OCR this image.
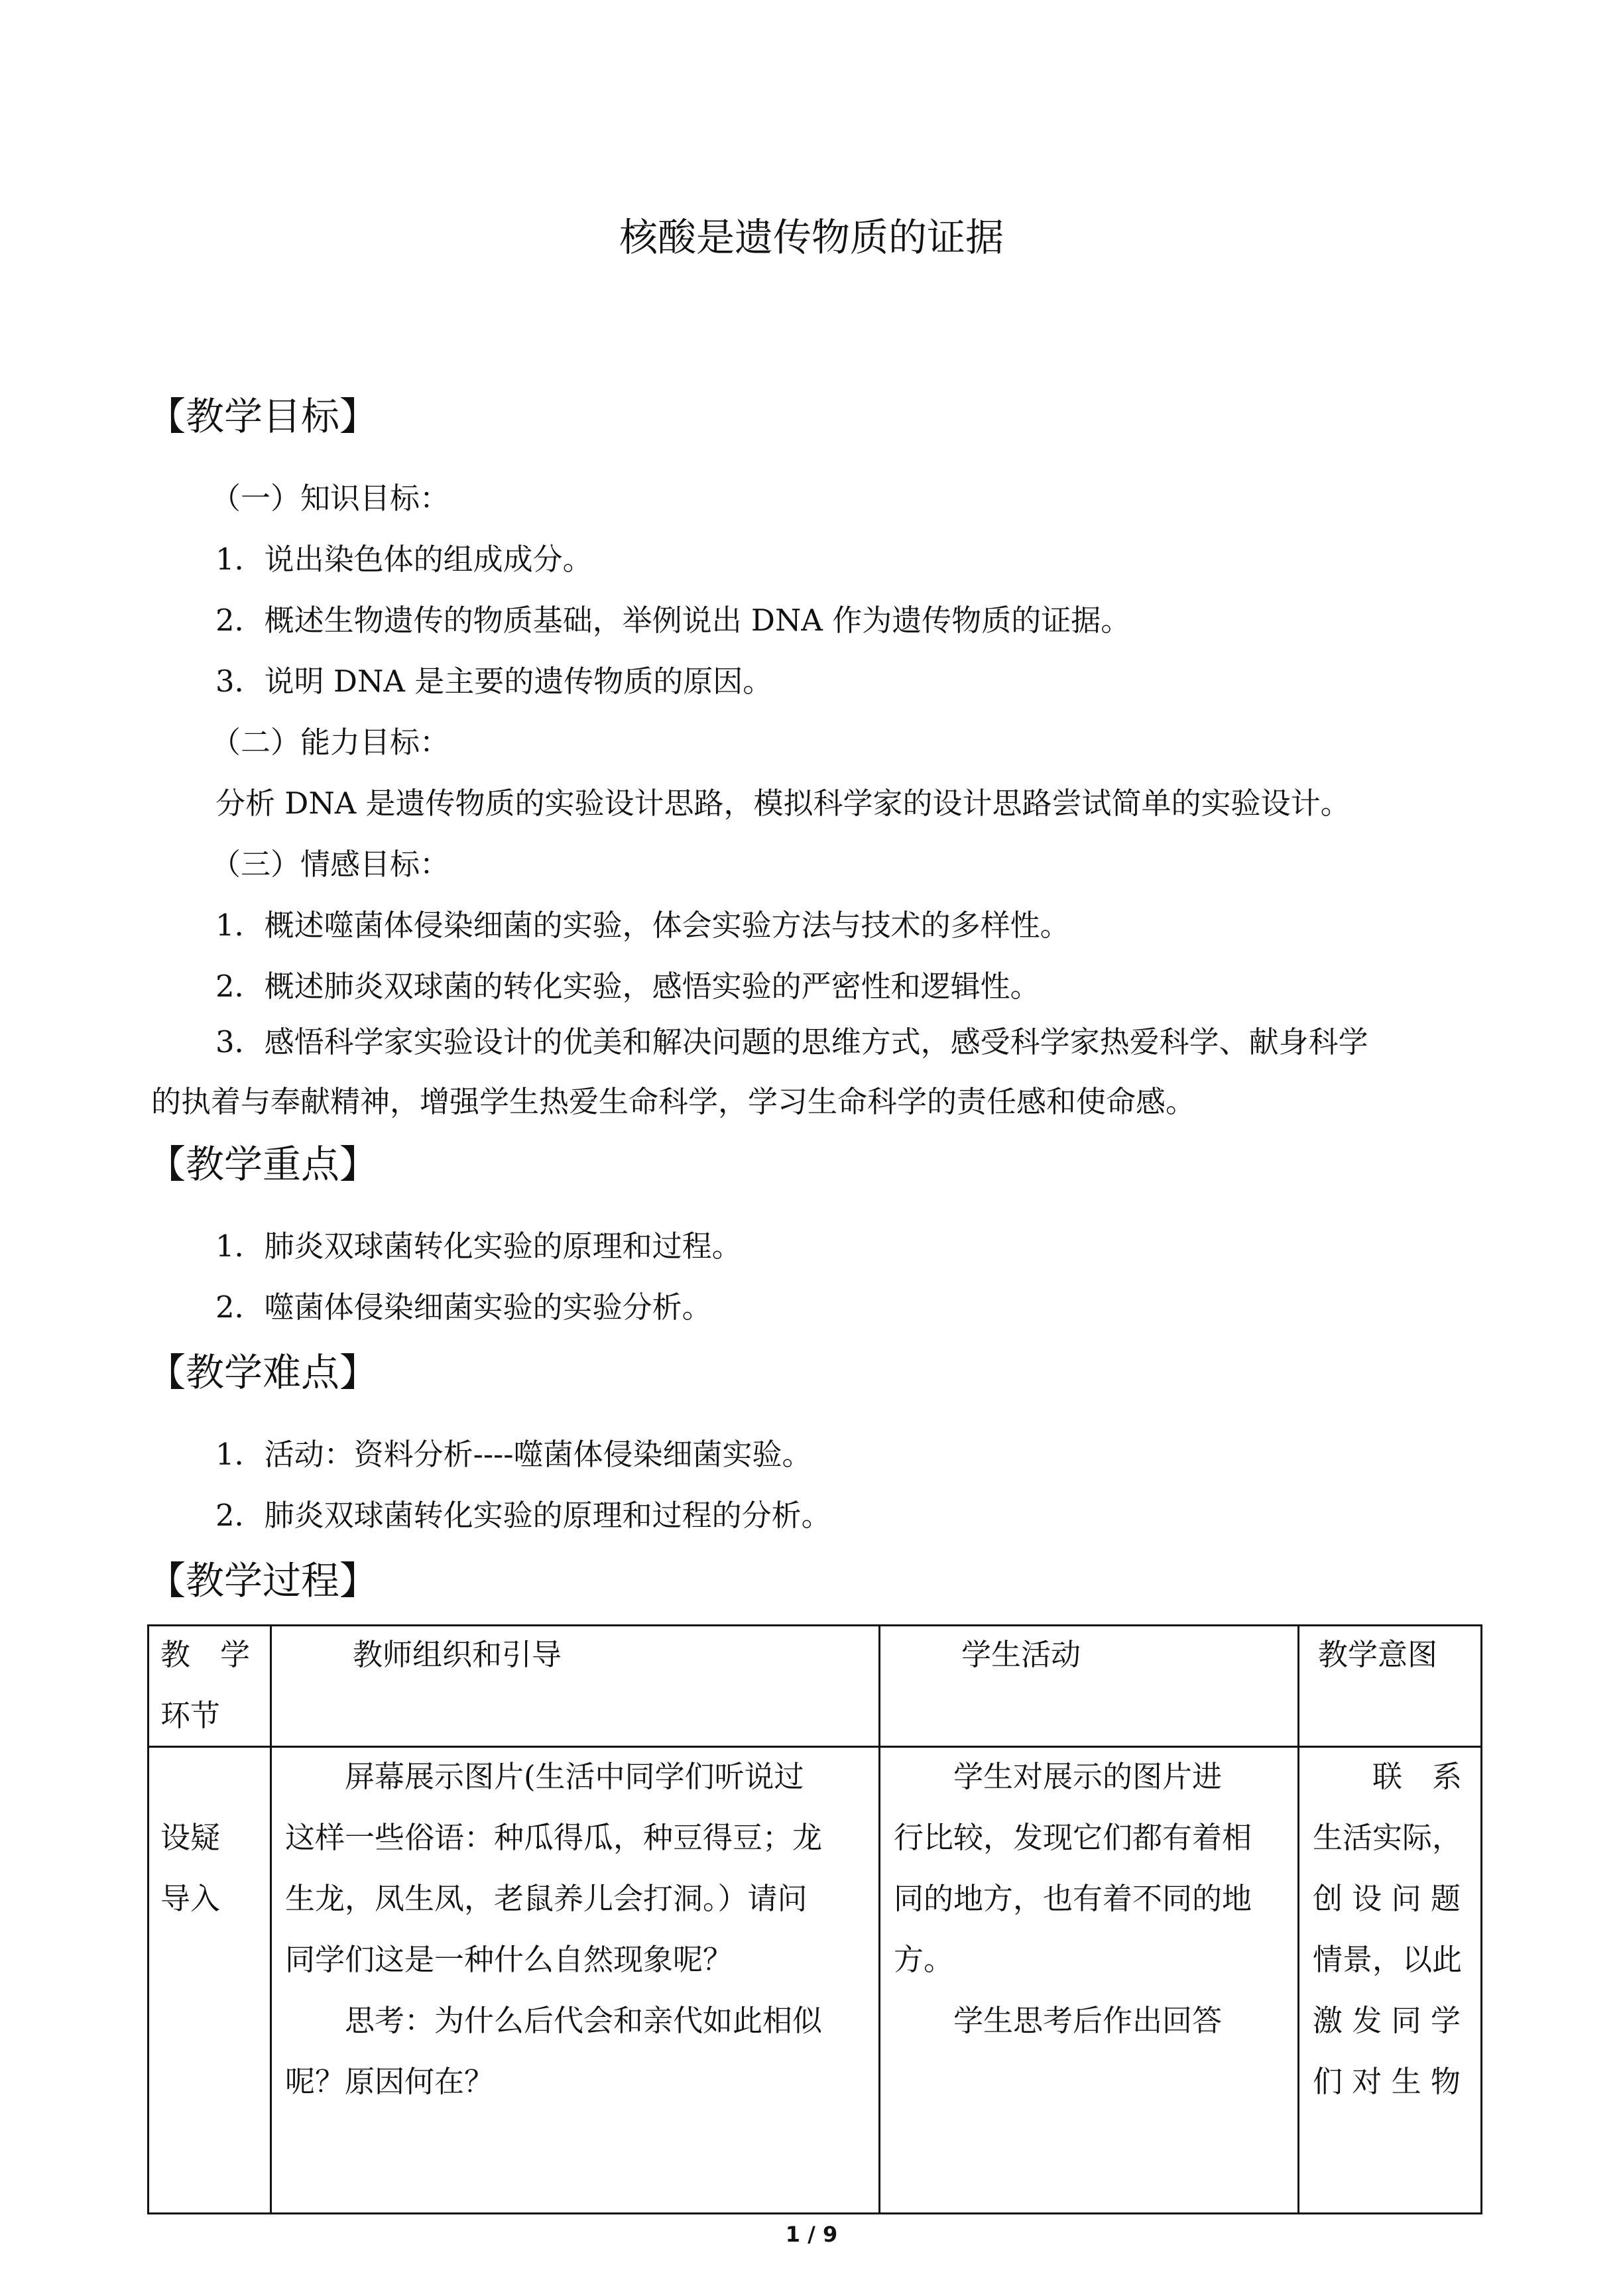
核酸是遗传物质的证据
【教学目标】
（一）知识目标：
1．说出染色体的组成成分。
2．概述生物遗传的物质基础，举例说出 DNA 作为遗传物质的证据。
3．说明 DNA 是主要的遗传物质的原因。
（二）能力目标：
分析 DNA 是遗传物质的实验设计思路，模拟科学家的设计思路尝试简单的实验设计。
（三）情感目标：
1．概述噬菌体侵染细菌的实验，体会实验方法与技术的多样性。
2．概述肺炎双球菌的转化实验，感悟实验的严密性和逻辑性。
3．感悟科学家实验设计的优美和解决问题的思维方式，感受科学家热爱科学、献身科学
的执着与奉献精神，增强学生热爱生命科学，学习生命科学的责任感和使命感。
【教学重点】
1．肺炎双球菌转化实验的原理和过程。
2．噬菌体侵染细菌实验的实验分析。
【教学难点】
1．活动：资料分析----噬菌体侵染细菌实验。
2．肺炎双球菌转化实验的原理和过程的分析。
【教学过程】
教　学
环节
教师组织和引导	学生活动	教学意图
设疑
导入
　　屏幕展示图片(生活中同学们听说过
这样一些俗语：种瓜得瓜，种豆得豆；龙
生龙，凤生凤，老鼠养儿会打洞。）请问
同学们这是一种什么自然现象呢？
　　思考：为什么后代会和亲代如此相似
呢？原因何在？
　　学生对展示的图片进
行比较，发现它们都有着相
同的地方，也有着不同的地
方。
　　学生思考后作出回答
　　联　系
生活实际，
创 设 问 题
情景，以此
激 发 同 学
们 对 生 物
1 / 9
